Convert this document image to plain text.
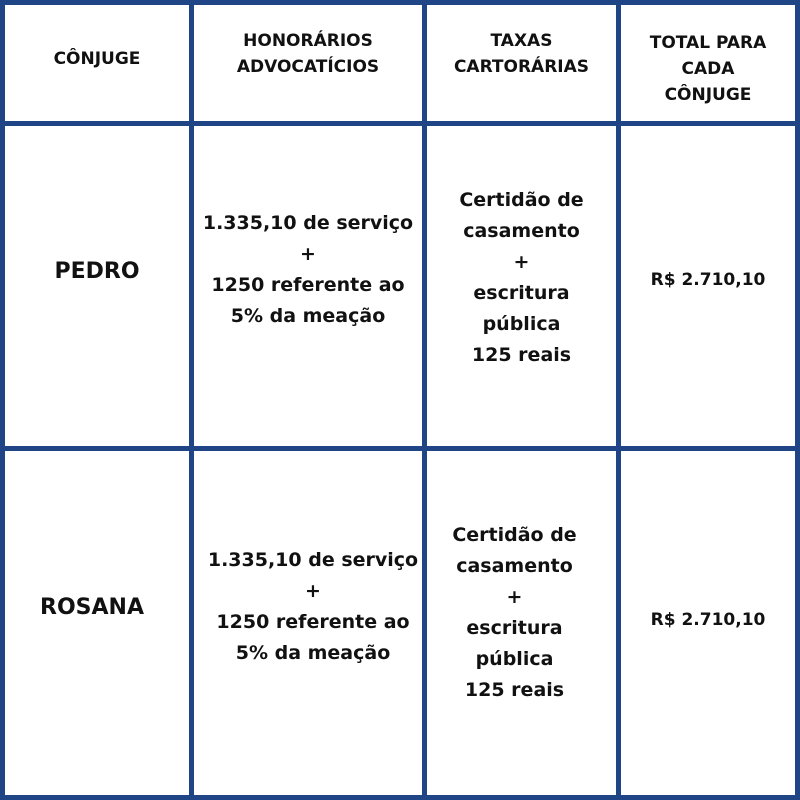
CÔNJUGE
HONORÁRIOS
ADVOCATÍCIOS
TAXAS
CARTORÁRIAS
TOTAL PARA
CADA
CÔNJUGE
PEDRO
1.335,10 de serviço
+
1250 referente ao
5% da meação
Certidão de
casamento
+
escritura
pública
125 reais
R$ 2.710,10
ROSANA
1.335,10 de serviço
+
1250 referente ao
5% da meação
Certidão de
casamento
+
escritura
pública
125 reais
R$ 2.710,10
